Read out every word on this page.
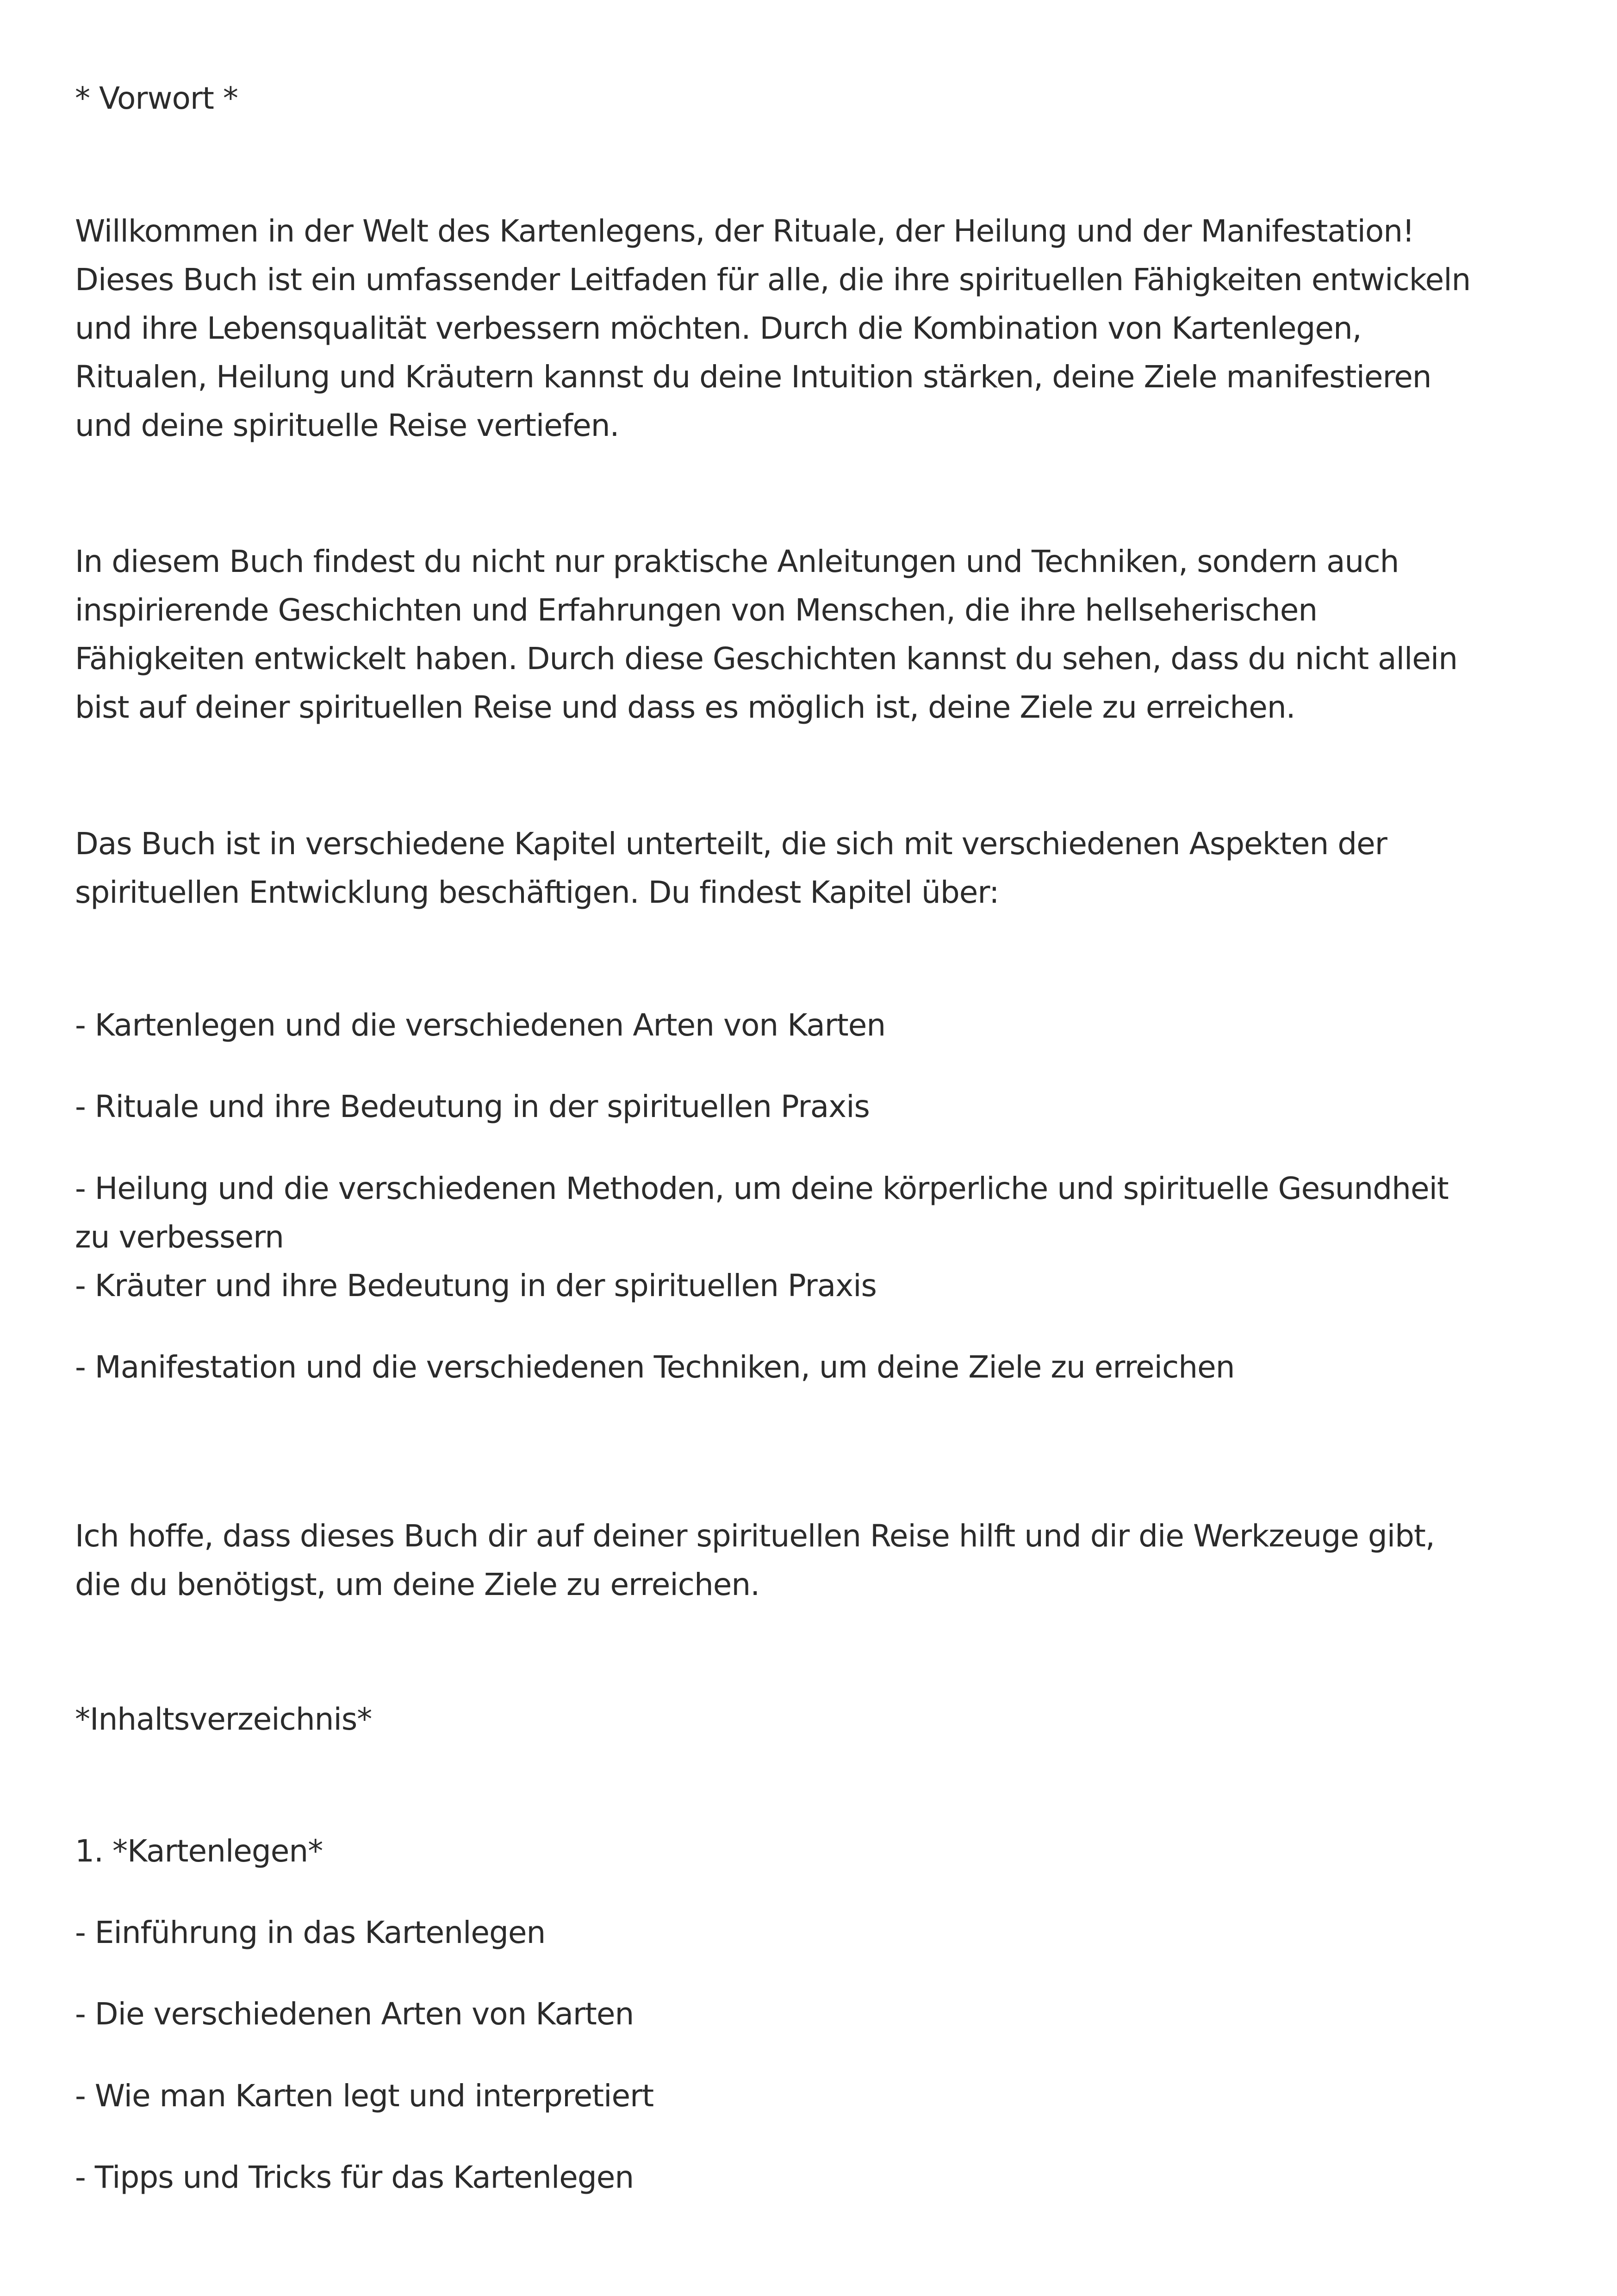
* Vorwort *
Willkommen in der Welt des Kartenlegens, der Rituale, der Heilung und der Manifestation!
Dieses Buch ist ein umfassender Leitfaden für alle, die ihre spirituellen Fähigkeiten entwickeln
und ihre Lebensqualität verbessern möchten. Durch die Kombination von Kartenlegen,
Ritualen, Heilung und Kräutern kannst du deine Intuition stärken, deine Ziele manifestieren
und deine spirituelle Reise vertiefen.
In diesem Buch findest du nicht nur praktische Anleitungen und Techniken, sondern auch
inspirierende Geschichten und Erfahrungen von Menschen, die ihre hellseherischen
Fähigkeiten entwickelt haben. Durch diese Geschichten kannst du sehen, dass du nicht allein
bist auf deiner spirituellen Reise und dass es möglich ist, deine Ziele zu erreichen.
Das Buch ist in verschiedene Kapitel unterteilt, die sich mit verschiedenen Aspekten der
spirituellen Entwicklung beschäftigen. Du findest Kapitel über:
- Kartenlegen und die verschiedenen Arten von Karten
- Rituale und ihre Bedeutung in der spirituellen Praxis
- Heilung und die verschiedenen Methoden, um deine körperliche und spirituelle Gesundheit
zu verbessern
- Kräuter und ihre Bedeutung in der spirituellen Praxis
- Manifestation und die verschiedenen Techniken, um deine Ziele zu erreichen
Ich hoffe, dass dieses Buch dir auf deiner spirituellen Reise hilft und dir die Werkzeuge gibt,
die du benötigst, um deine Ziele zu erreichen.
*Inhaltsverzeichnis*
1. *Kartenlegen*
- Einführung in das Kartenlegen
- Die verschiedenen Arten von Karten
- Wie man Karten legt und interpretiert
- Tipps und Tricks für das Kartenlegen
